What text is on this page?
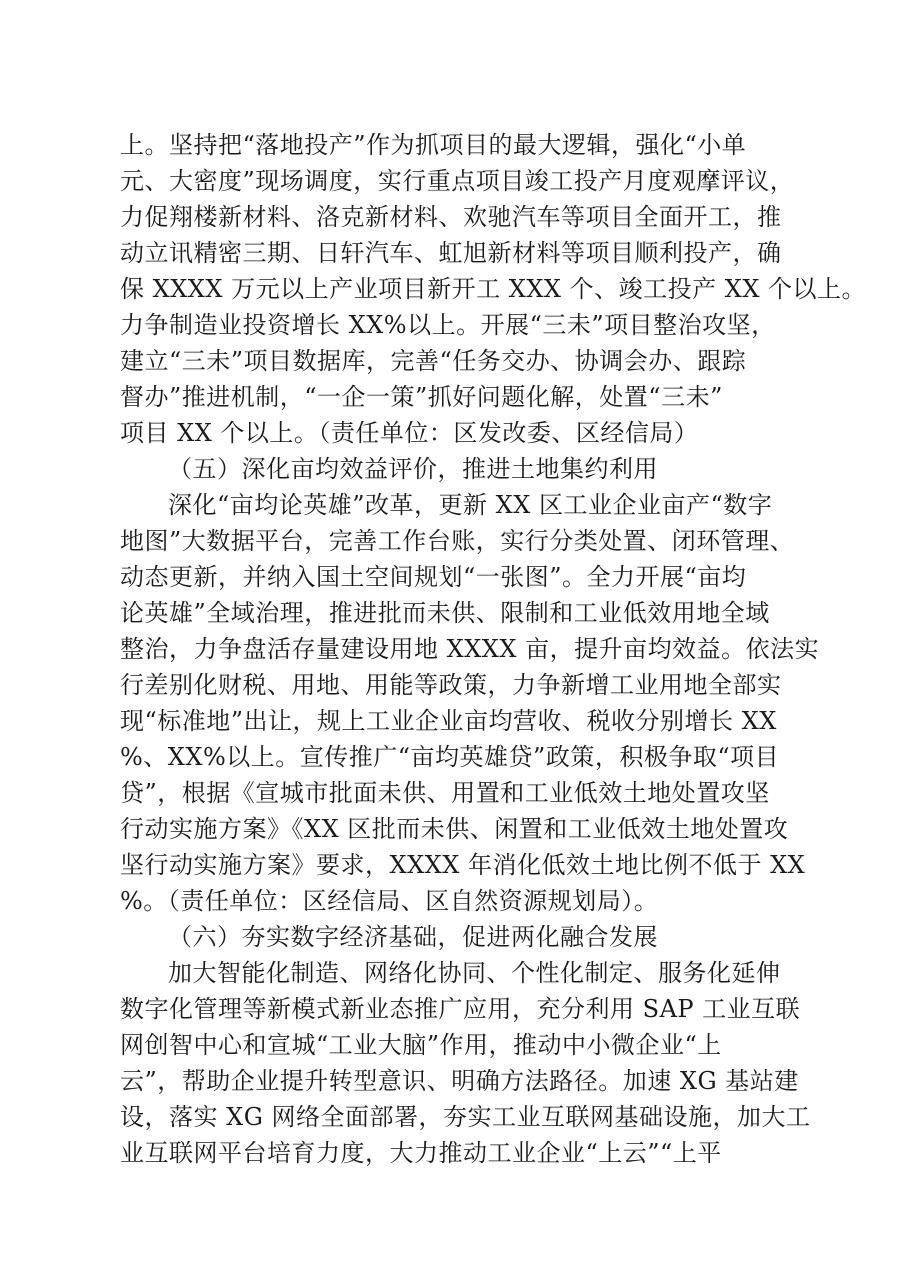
上。坚持把“落地投产”作为抓项目的最大逻辑，强化“小单
元、大密度”现场调度，实行重点项目竣工投产月度观摩评议，
力促翔楼新材料、洛克新材料、欢驰汽车等项目全面开工，推
动立讯精密三期、日轩汽车、虹旭新材料等项目顺利投产，确
保 XXXX 万元以上产业项目新开工 XXX 个、竣工投产 XX 个以上。
力争制造业投资增长 XX%以上。开展“三未”项目整治攻坚，
建立“三未”项目数据库，完善“任务交办、协调会办、跟踪
督办”推进机制，“一企一策”抓好问题化解，处置“三未”
项目 XX 个以上。（责任单位：区发改委、区经信局）
（五）深化亩均效益评价，推进土地集约利用
深化“亩均论英雄”改革，更新 XX 区工业企业亩产“数字
地图”大数据平台，完善工作台账，实行分类处置、闭环管理、
动态更新，并纳入国土空间规划“一张图”。全力开展“亩均
论英雄”全域治理，推进批而未供、限制和工业低效用地全域
整治，力争盘活存量建设用地 XXXX 亩，提升亩均效益。依法实
行差别化财税、用地、用能等政策，力争新增工业用地全部实
现“标准地”出让，规上工业企业亩均营收、税收分别增长 XX
%、XX%以上。宣传推广“亩均英雄贷”政策，积极争取“项目
贷”，根据《宣城市批面未供、用置和工业低效土地处置攻坚
行动实施方案》《XX 区批而未供、闲置和工业低效土地处置攻
坚行动实施方案》要求，XXXX 年消化低效土地比例不低于 XX
%。（责任单位：区经信局、区自然资源规划局）。
（六）夯实数字经济基础，促进两化融合发展
加大智能化制造、网络化协同、个性化制定、服务化延伸
数字化管理等新模式新业态推广应用，充分利用 SAP 工业互联
网创智中心和宣城“工业大脑”作用，推动中小微企业“上
云”，帮助企业提升转型意识、明确方法路径。加速 XG 基站建
设，落实 XG 网络全面部署，夯实工业互联网基础设施，加大工
业互联网平台培育力度，大力推动工业企业“上云”“上平
